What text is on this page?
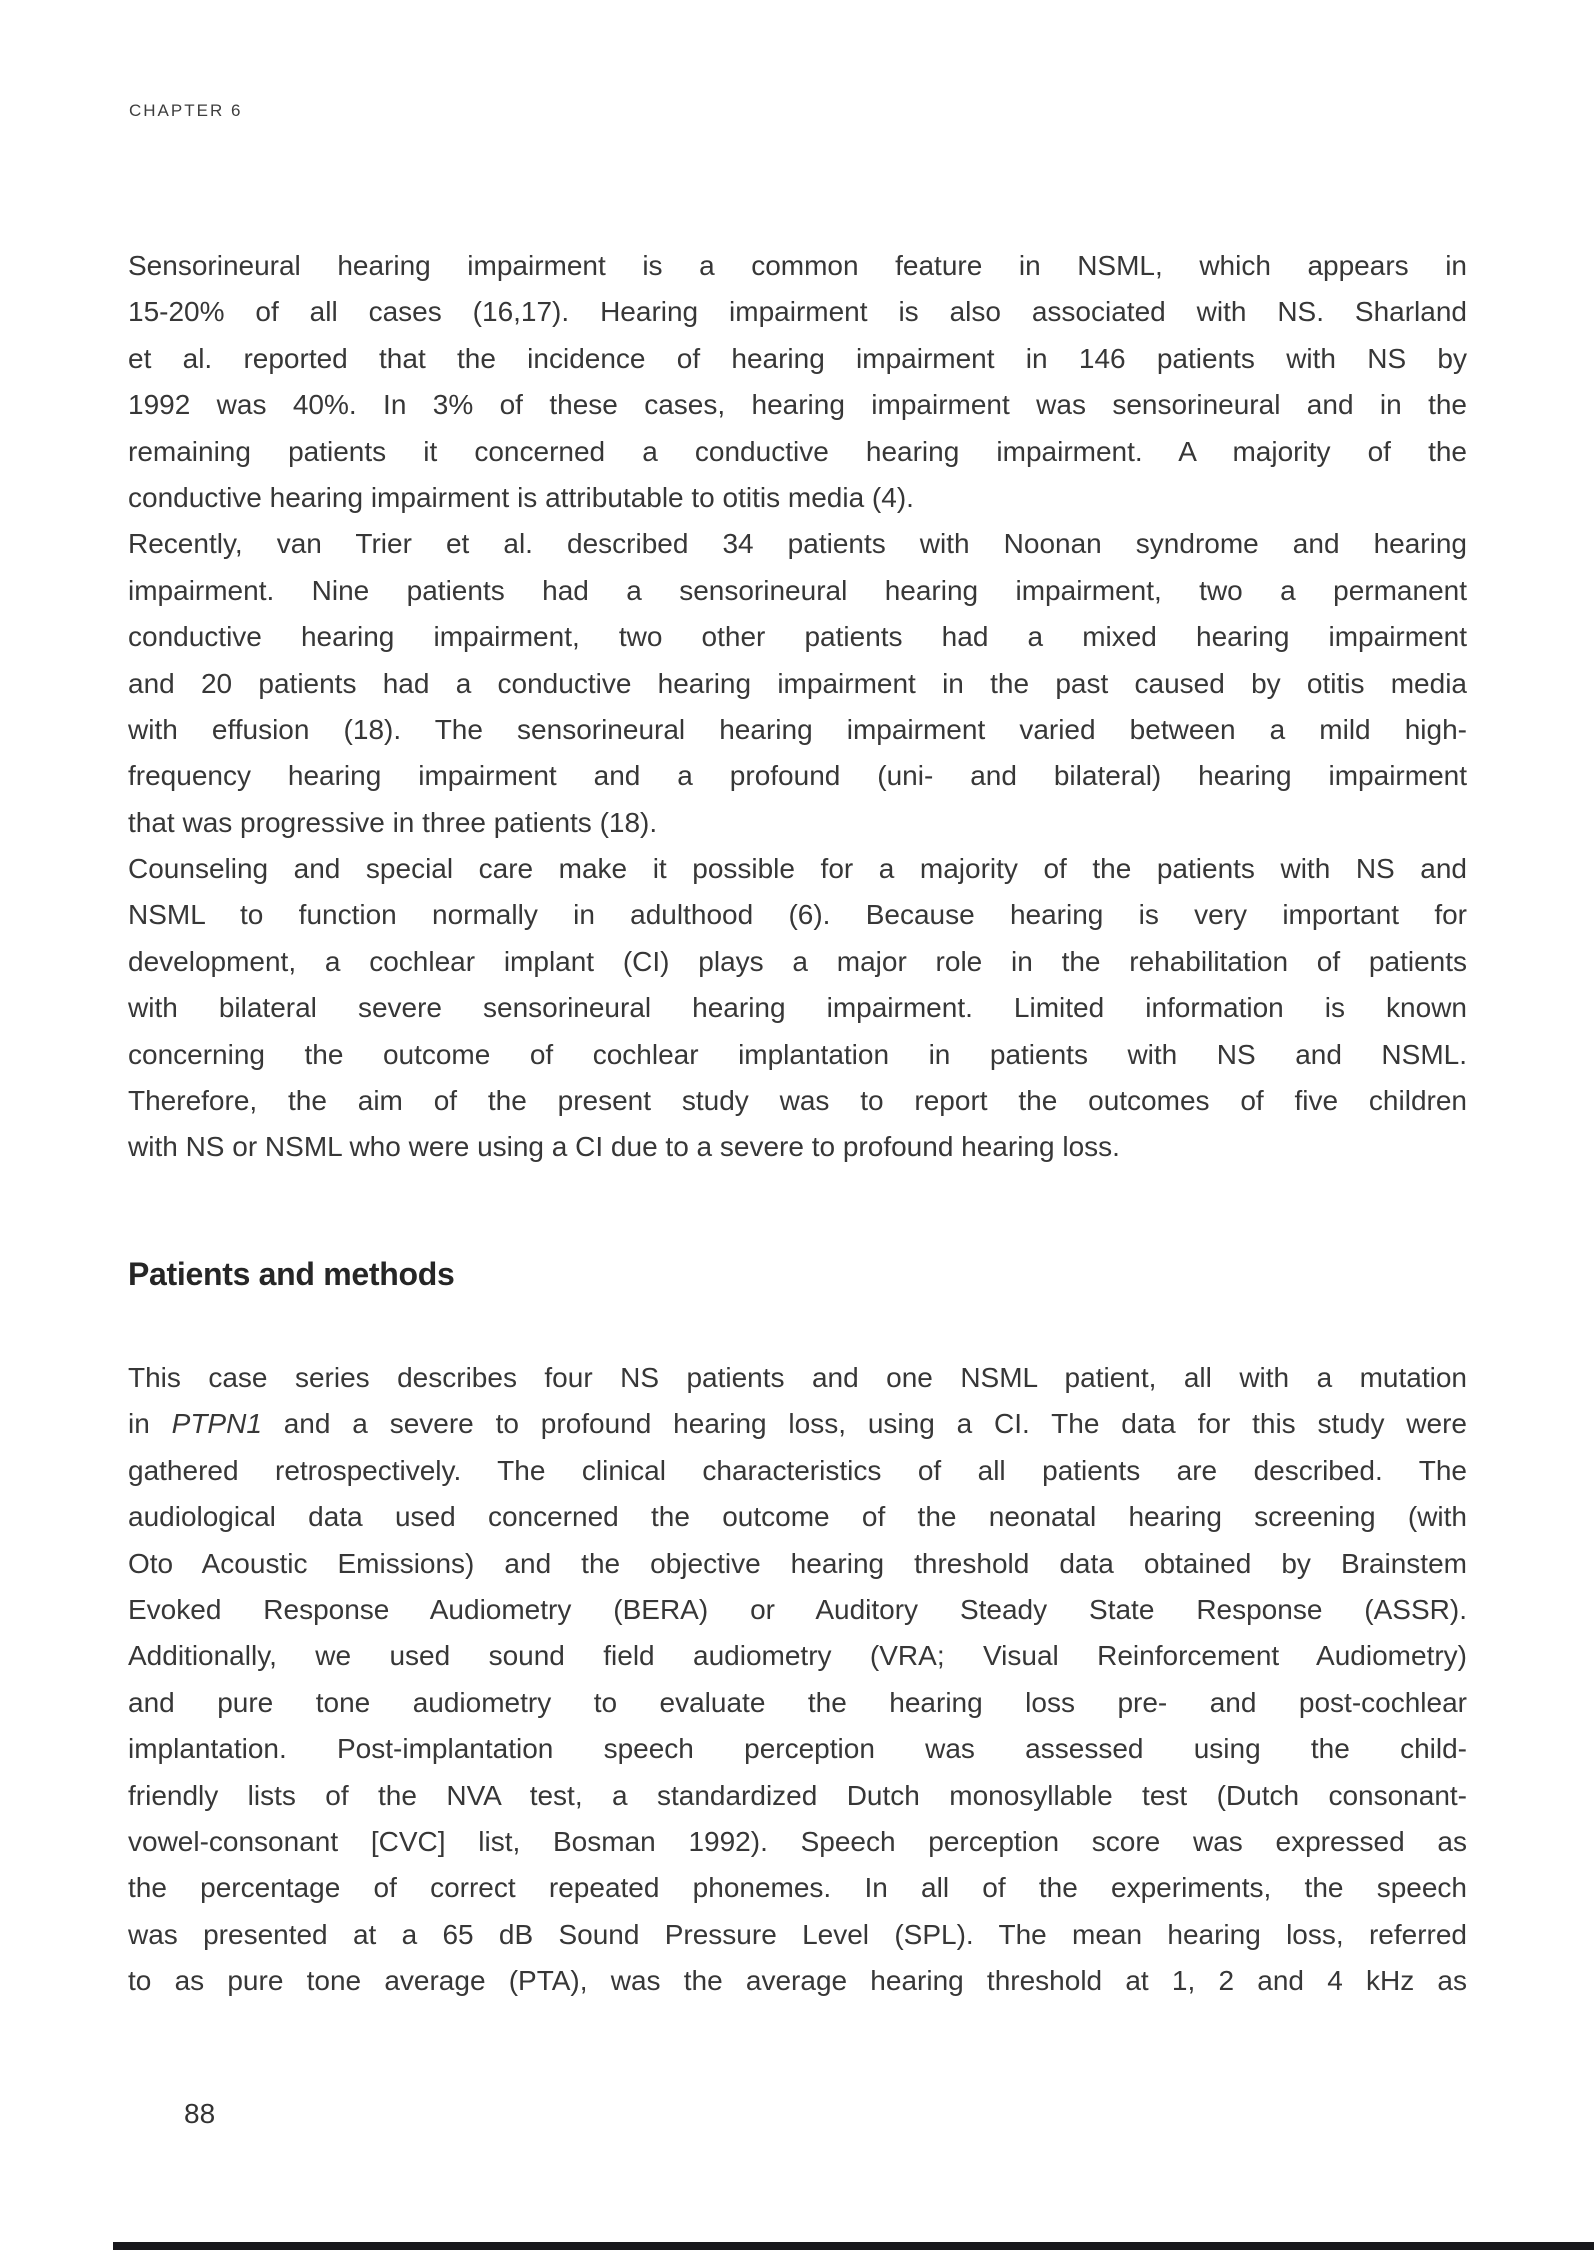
CHAPTER 6
Sensorineural hearing impairment is a common feature in NSML, which appears in
15-20% of all cases (16,17). Hearing impairment is also associated with NS. Sharland
et al. reported that the incidence of hearing impairment in 146 patients with NS by
1992 was 40%. In 3% of these cases, hearing impairment was sensorineural and in the
remaining patients it concerned a conductive hearing impairment. A majority of the
conductive hearing impairment is attributable to otitis media (4).
Recently, van Trier et al. described 34 patients with Noonan syndrome and hearing
impairment. Nine patients had a sensorineural hearing impairment, two a permanent
conductive hearing impairment, two other patients had a mixed hearing impairment
and 20 patients had a conductive hearing impairment in the past caused by otitis media
with effusion (18). The sensorineural hearing impairment varied between a mild high-
frequency hearing impairment and a profound (uni- and bilateral) hearing impairment
that was progressive in three patients (18).
Counseling and special care make it possible for a majority of the patients with NS and
NSML to function normally in adulthood (6). Because hearing is very important for
development, a cochlear implant (CI) plays a major role in the rehabilitation of patients
with bilateral severe sensorineural hearing impairment. Limited information is known
concerning the outcome of cochlear implantation in patients with NS and NSML.
Therefore, the aim of the present study was to report the outcomes of five children
with NS or NSML who were using a CI due to a severe to profound hearing loss.
Patients and methods
This case series describes four NS patients and one NSML patient, all with a mutation
in PTPN1 and a severe to profound hearing loss, using a CI. The data for this study were
gathered retrospectively. The clinical characteristics of all patients are described. The
audiological data used concerned the outcome of the neonatal hearing screening (with
Oto Acoustic Emissions) and the objective hearing threshold data obtained by Brainstem
Evoked Response Audiometry (BERA) or Auditory Steady State Response (ASSR).
Additionally, we used sound field audiometry (VRA; Visual Reinforcement Audiometry)
and pure tone audiometry to evaluate the hearing loss pre- and post-cochlear
implantation. Post-implantation speech perception was assessed using the child-
friendly lists of the NVA test, a standardized Dutch monosyllable test (Dutch consonant-
vowel-consonant [CVC] list, Bosman 1992). Speech perception score was expressed as
the percentage of correct repeated phonemes. In all of the experiments, the speech
was presented at a 65 dB Sound Pressure Level (SPL). The mean hearing loss, referred
to as pure tone average (PTA), was the average hearing threshold at 1, 2 and 4 kHz as
88
